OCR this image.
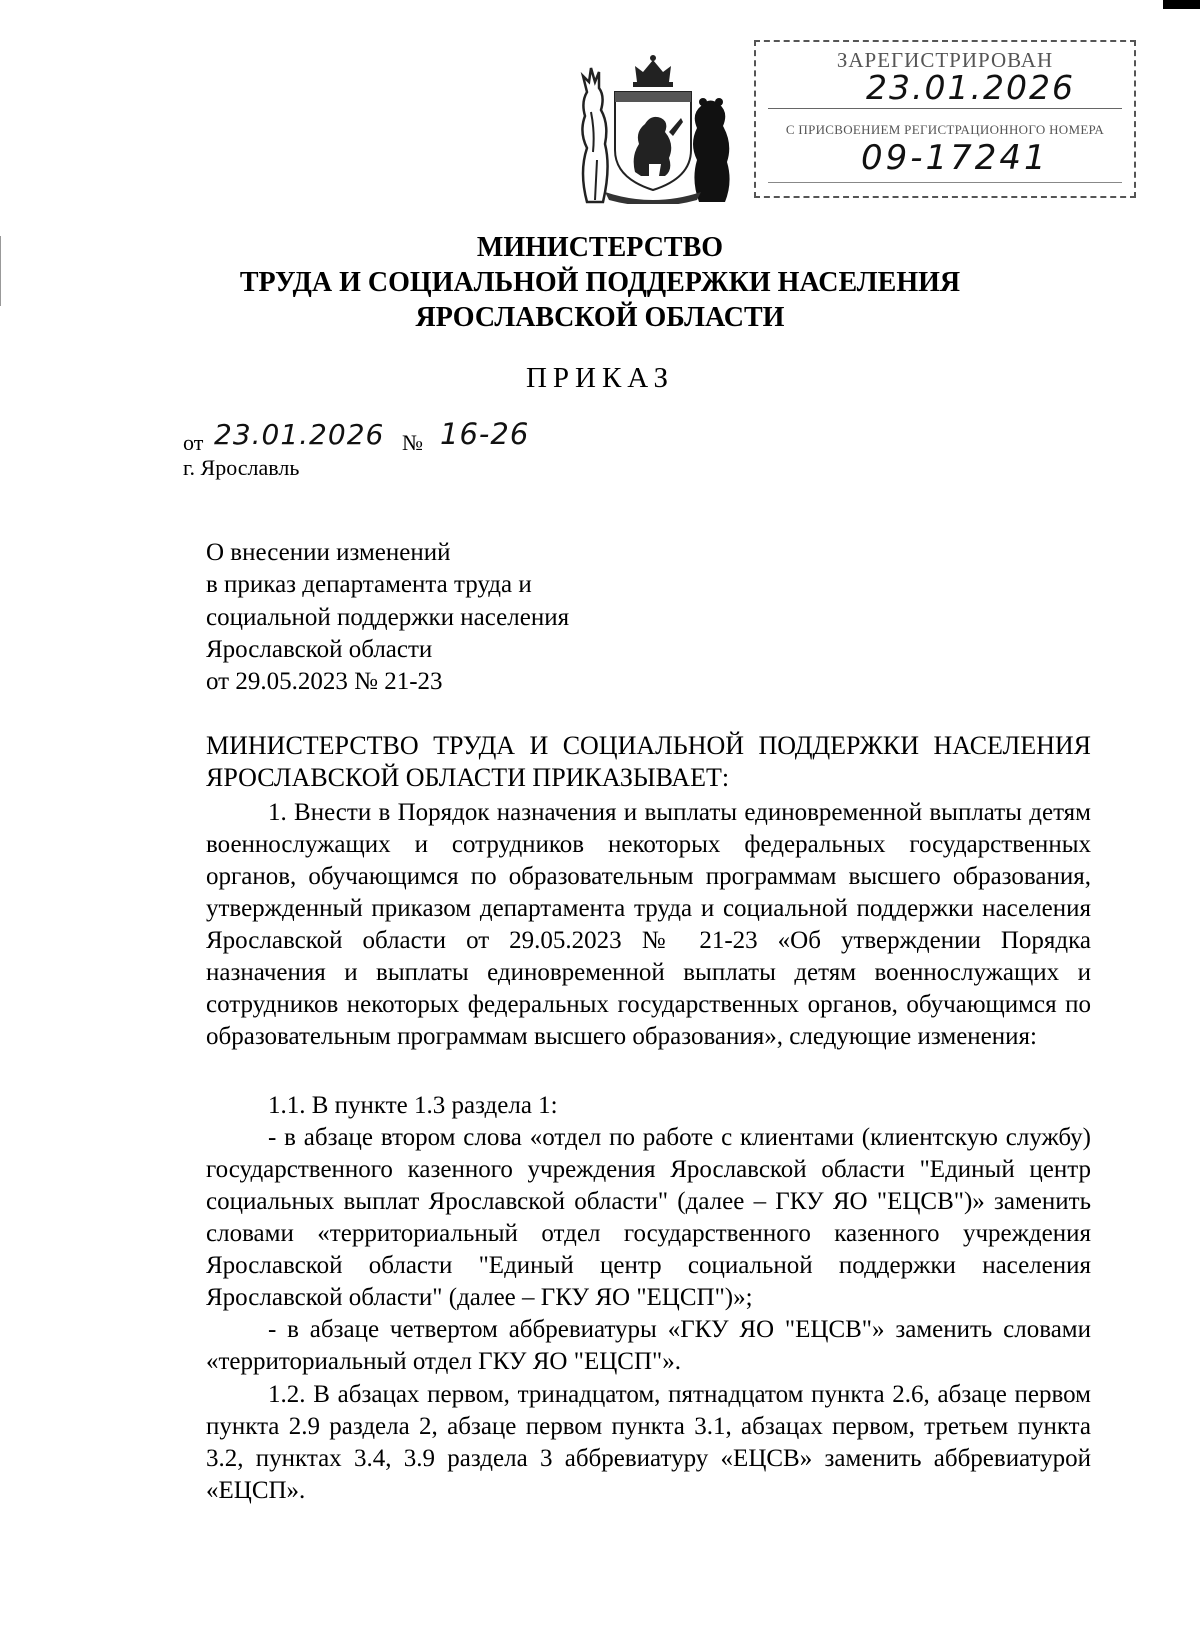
ЗАРЕГИСТРИРОВАН
23.01.2026
С ПРИСВОЕНИЕМ РЕГИСТРАЦИОННОГО НОМЕРА
09-17241
МИНИСТЕРСТВО
ТРУДА И СОЦИАЛЬНОЙ ПОДДЕРЖКИ НАСЕЛЕНИЯ
ЯРОСЛАВСКОЙ ОБЛАСТИ
ПРИКАЗ
от 23.01.2026 № 16-26
г. Ярославль
О внесении изменений
в приказ департамента труда и
социальной поддержки населения
Ярославской области
от 29.05.2023 № 21-23

МИНИСТЕРСТВО ТРУДА И СОЦИАЛЬНОЙ ПОДДЕРЖКИ НАСЕЛЕНИЯ ЯРОСЛАВСКОЙ ОБЛАСТИ ПРИКАЗЫВАЕТ:

1. Внести в Порядок назначения и выплаты единовременной выплаты детям военнослужащих и сотрудников некоторых федеральных государственных органов, обучающимся по образовательным программам высшего образования, утвержденный приказом департамента труда и социальной поддержки населения Ярославской области от 29.05.2023 № 21-23 «Об утверждении Порядка назначения и выплаты единовременной выплаты детям военнослужащих и сотрудников некоторых федеральных государственных органов, обучающимся по образовательным программам высшего образования», следующие изменения:

1.1. В пункте 1.3 раздела 1:

- в абзаце втором слова «отдел по работе с клиентами (клиентскую службу) государственного казенного учреждения Ярославской области "Единый центр социальных выплат Ярославской области" (далее – ГКУ ЯО "ЕЦСВ")» заменить словами «территориальный отдел государственного казенного учреждения Ярославской области "Единый центр социальной поддержки населения Ярославской области" (далее – ГКУ ЯО "ЕЦСП")»;

- в абзаце четвертом аббревиатуры «ГКУ ЯО "ЕЦСВ"» заменить словами «территориальный отдел ГКУ ЯО "ЕЦСП"».

1.2. В абзацах первом, тринадцатом, пятнадцатом пункта 2.6, абзаце первом пункта 2.9 раздела 2, абзаце первом пункта 3.1, абзацах первом, третьем пункта 3.2, пунктах 3.4, 3.9 раздела 3 аббревиатуру «ЕЦСВ» заменить аббревиатурой «ЕЦСП».
